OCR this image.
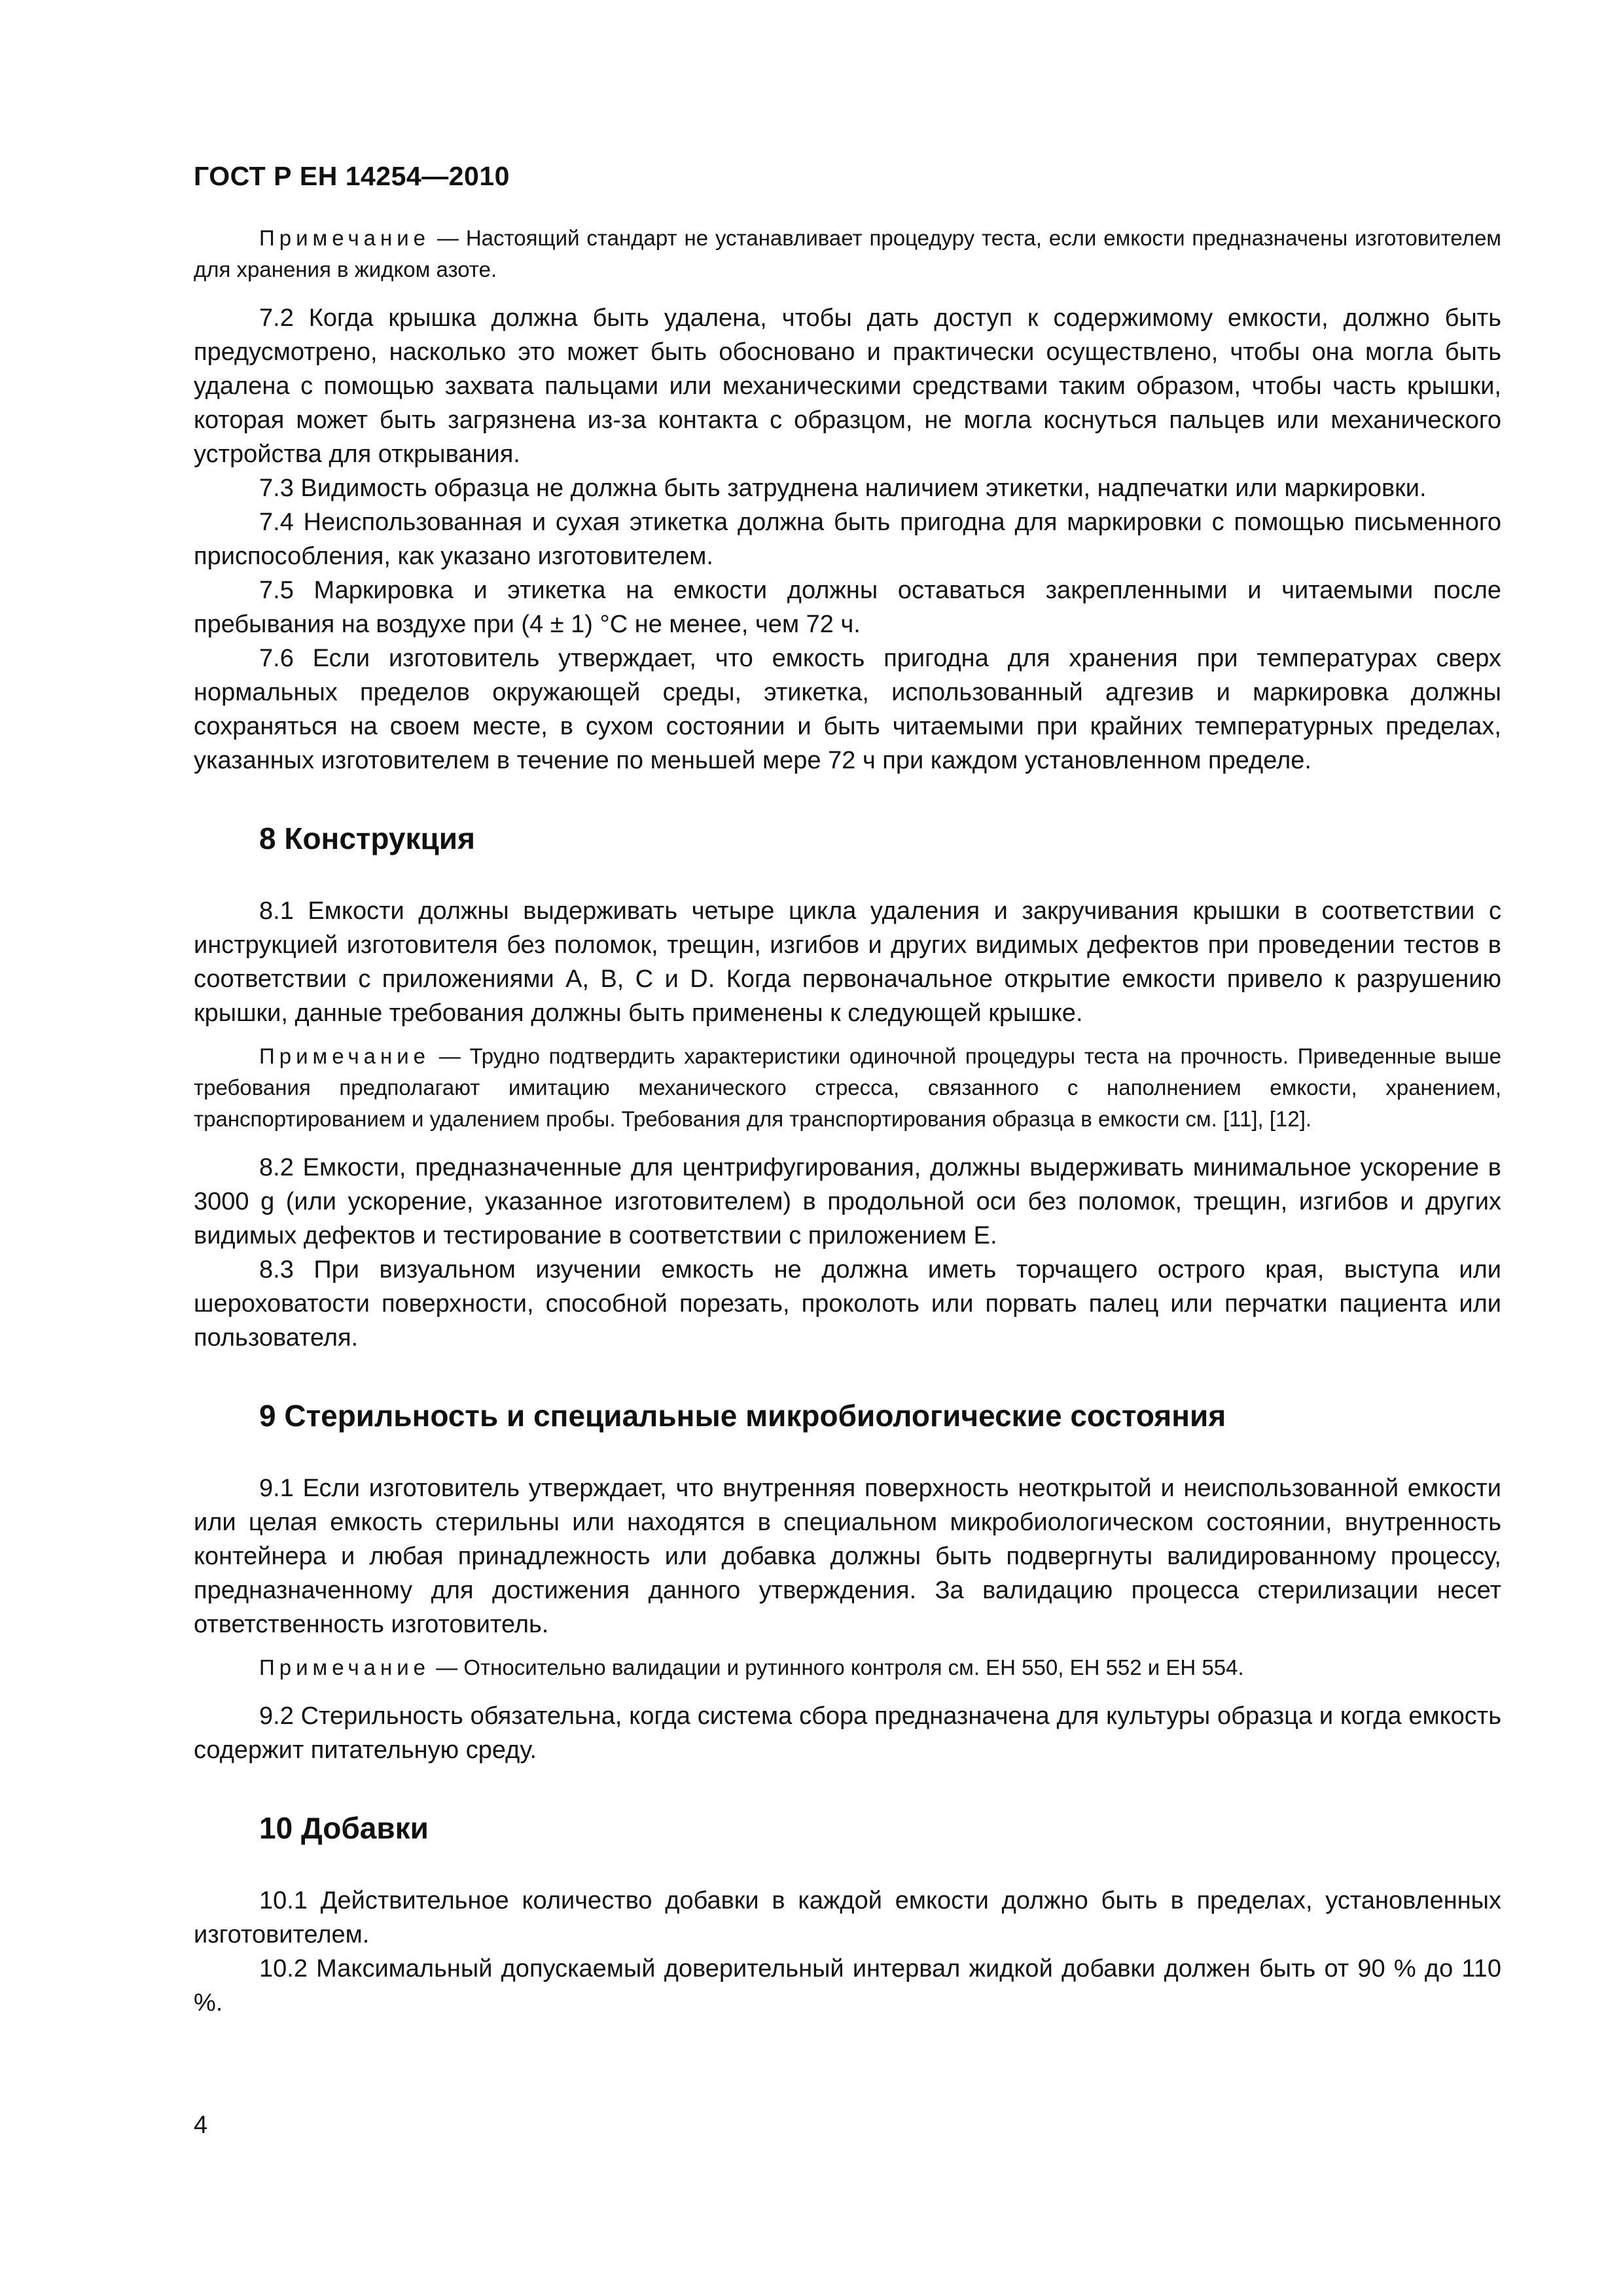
ГОСТ Р ЕН 14254—2010

Примечание — Настоящий стандарт не устанавливает процедуру теста, если емкости предназначены изготовителем для хранения в жидком азоте.

7.2 Когда крышка должна быть удалена, чтобы дать доступ к содержимому емкости, должно быть предусмотрено, насколько это может быть обосновано и практически осуществлено, чтобы она могла быть удалена с помощью захвата пальцами или механическими средствами таким образом, чтобы часть крышки, которая может быть загрязнена из-за контакта с образцом, не могла коснуться пальцев или механического устройства для открывания.

7.3 Видимость образца не должна быть затруднена наличием этикетки, надпечатки или маркировки.

7.4 Неиспользованная и сухая этикетка должна быть пригодна для маркировки с помощью письменного приспособления, как указано изготовителем.

7.5 Маркировка и этикетка на емкости должны оставаться закрепленными и читаемыми после пребывания на воздухе при (4 ± 1) °С не менее, чем 72 ч.

7.6 Если изготовитель утверждает, что емкость пригодна для хранения при температурах сверх нормальных пределов окружающей среды, этикетка, использованный адгезив и маркировка должны сохраняться на своем месте, в сухом состоянии и быть читаемыми при крайних температурных пределах, указанных изготовителем в течение по меньшей мере 72 ч при каждом установленном пределе.

8 Конструкция

8.1 Емкости должны выдерживать четыре цикла удаления и закручивания крышки в соответствии с инструкцией изготовителя без поломок, трещин, изгибов и других видимых дефектов при проведении тестов в соответствии с приложениями A, B, C и D. Когда первоначальное открытие емкости привело к разрушению крышки, данные требования должны быть применены к следующей крышке.

Примечание — Трудно подтвердить характеристики одиночной процедуры теста на прочность. Приведенные выше требования предполагают имитацию механического стресса, связанного с наполнением емкости, хранением, транспортированием и удалением пробы. Требования для транспортирования образца в емкости см. [11], [12].

8.2 Емкости, предназначенные для центрифугирования, должны выдерживать минимальное ускорение в 3000 g (или ускорение, указанное изготовителем) в продольной оси без поломок, трещин, изгибов и других видимых дефектов и тестирование в соответствии с приложением E.

8.3 При визуальном изучении емкость не должна иметь торчащего острого края, выступа или шероховатости поверхности, способной порезать, проколоть или порвать палец или перчатки пациента или пользователя.

9 Стерильность и специальные микробиологические состояния

9.1 Если изготовитель утверждает, что внутренняя поверхность неоткрытой и неиспользованной емкости или целая емкость стерильны или находятся в специальном микробиологическом состоянии, внутренность контейнера и любая принадлежность или добавка должны быть подвергнуты валидированному процессу, предназначенному для достижения данного утверждения. За валидацию процесса стерилизации несет ответственность изготовитель.

Примечание — Относительно валидации и рутинного контроля см. ЕН 550, ЕН 552 и ЕН 554.

9.2 Стерильность обязательна, когда система сбора предназначена для культуры образца и когда емкость содержит питательную среду.

10 Добавки

10.1 Действительное количество добавки в каждой емкости должно быть в пределах, установленных изготовителем.

10.2 Максимальный допускаемый доверительный интервал жидкой добавки должен быть от 90 % до 110 %.

4
